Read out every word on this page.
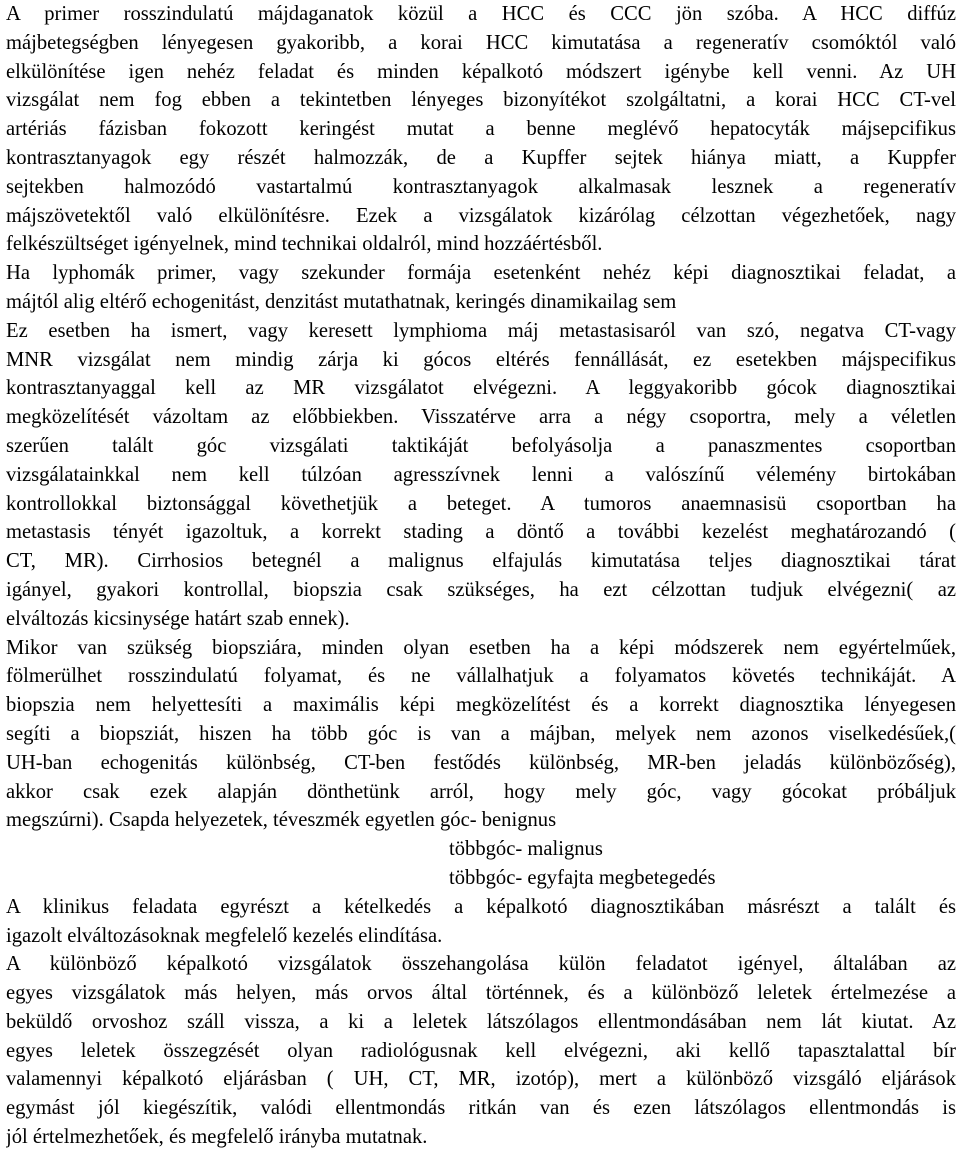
A primer rosszindulatú májdaganatok közül a HCC és CCC jön szóba. A HCC diffúz
májbetegségben lényegesen gyakoribb, a korai HCC kimutatása a regeneratív csomóktól való
elkülönítése igen nehéz feladat és minden képalkotó módszert igénybe kell venni. Az UH
vizsgálat nem fog ebben a tekintetben lényeges bizonyítékot szolgáltatni, a korai HCC CT-vel
artériás fázisban fokozott keringést mutat a benne meglévő hepatocyták májsepcifikus
kontrasztanyagok egy részét halmozzák, de a Kupffer sejtek hiánya miatt, a Kuppfer
sejtekben halmozódó vastartalmú kontrasztanyagok alkalmasak lesznek a regeneratív
májszövetektől való elkülönítésre. Ezek a vizsgálatok kizárólag célzottan végezhetőek, nagy
felkészültséget igényelnek, mind technikai oldalról, mind hozzáértésből.
Ha lyphomák primer, vagy szekunder formája esetenként nehéz képi diagnosztikai feladat, a
májtól alig eltérő echogenitást, denzitást mutathatnak, keringés dinamikailag sem
Ez esetben ha ismert, vagy keresett lymphioma máj metastasisaról van szó, negatva CT-vagy
MNR vizsgálat nem mindig zárja ki gócos eltérés fennállását, ez esetekben májspecifikus
kontrasztanyaggal kell az MR vizsgálatot elvégezni. A leggyakoribb gócok diagnosztikai
megközelítését vázoltam az előbbiekben. Visszatérve arra a négy csoportra, mely a véletlen
szerűen talált góc vizsgálati taktikáját befolyásolja a panaszmentes csoportban
vizsgálatainkkal nem kell túlzóan agresszívnek lenni a valószínű vélemény birtokában
kontrollokkal biztonsággal követhetjük a beteget. A tumoros anaemnasisü csoportban ha
metastasis tényét igazoltuk, a korrekt stading a döntő a további kezelést meghatározandó (
CT, MR). Cirrhosios betegnél a malignus elfajulás kimutatása teljes diagnosztikai tárat
igányel, gyakori kontrollal, biopszia csak szükséges, ha ezt célzottan tudjuk elvégezni( az
elváltozás kicsinysége határt szab ennek).
Mikor van szükség biopsziára, minden olyan esetben ha a képi módszerek nem egyértelműek,
fölmerülhet rosszindulatú folyamat, és ne vállalhatjuk a folyamatos követés technikáját. A
biopszia nem helyettesíti a maximális képi megközelítést és a korrekt diagnosztika lényegesen
segíti a biopsziát, hiszen ha több góc is van a májban, melyek nem azonos viselkedésűek,(
UH-ban echogenitás különbség, CT-ben festődés különbség, MR-ben jeladás különbözőség),
akkor csak ezek alapján dönthetünk arról, hogy mely góc, vagy gócokat próbáljuk
megszúrni). Csapda helyezetek, téveszmék egyetlen góc- benignus
többgóc- malignus
többgóc- egyfajta megbetegedés
A klinikus feladata egyrészt a kételkedés a képalkotó diagnosztikában másrészt a talált és
igazolt elváltozásoknak megfelelő kezelés elindítása.
A különböző képalkotó vizsgálatok összehangolása külön feladatot igényel, általában az
egyes vizsgálatok más helyen, más orvos által történnek, és a különböző leletek értelmezése a
beküldő orvoshoz száll vissza, a ki a leletek látszólagos ellentmondásában nem lát kiutat. Az
egyes leletek összegzését olyan radiológusnak kell elvégezni, aki kellő tapasztalattal bír
valamennyi képalkotó eljárásban ( UH, CT, MR, izotóp), mert a különböző vizsgáló eljárások
egymást jól kiegészítik, valódi ellentmondás ritkán van és ezen látszólagos ellentmondás is
jól értelmezhetőek, és megfelelő irányba mutatnak.
